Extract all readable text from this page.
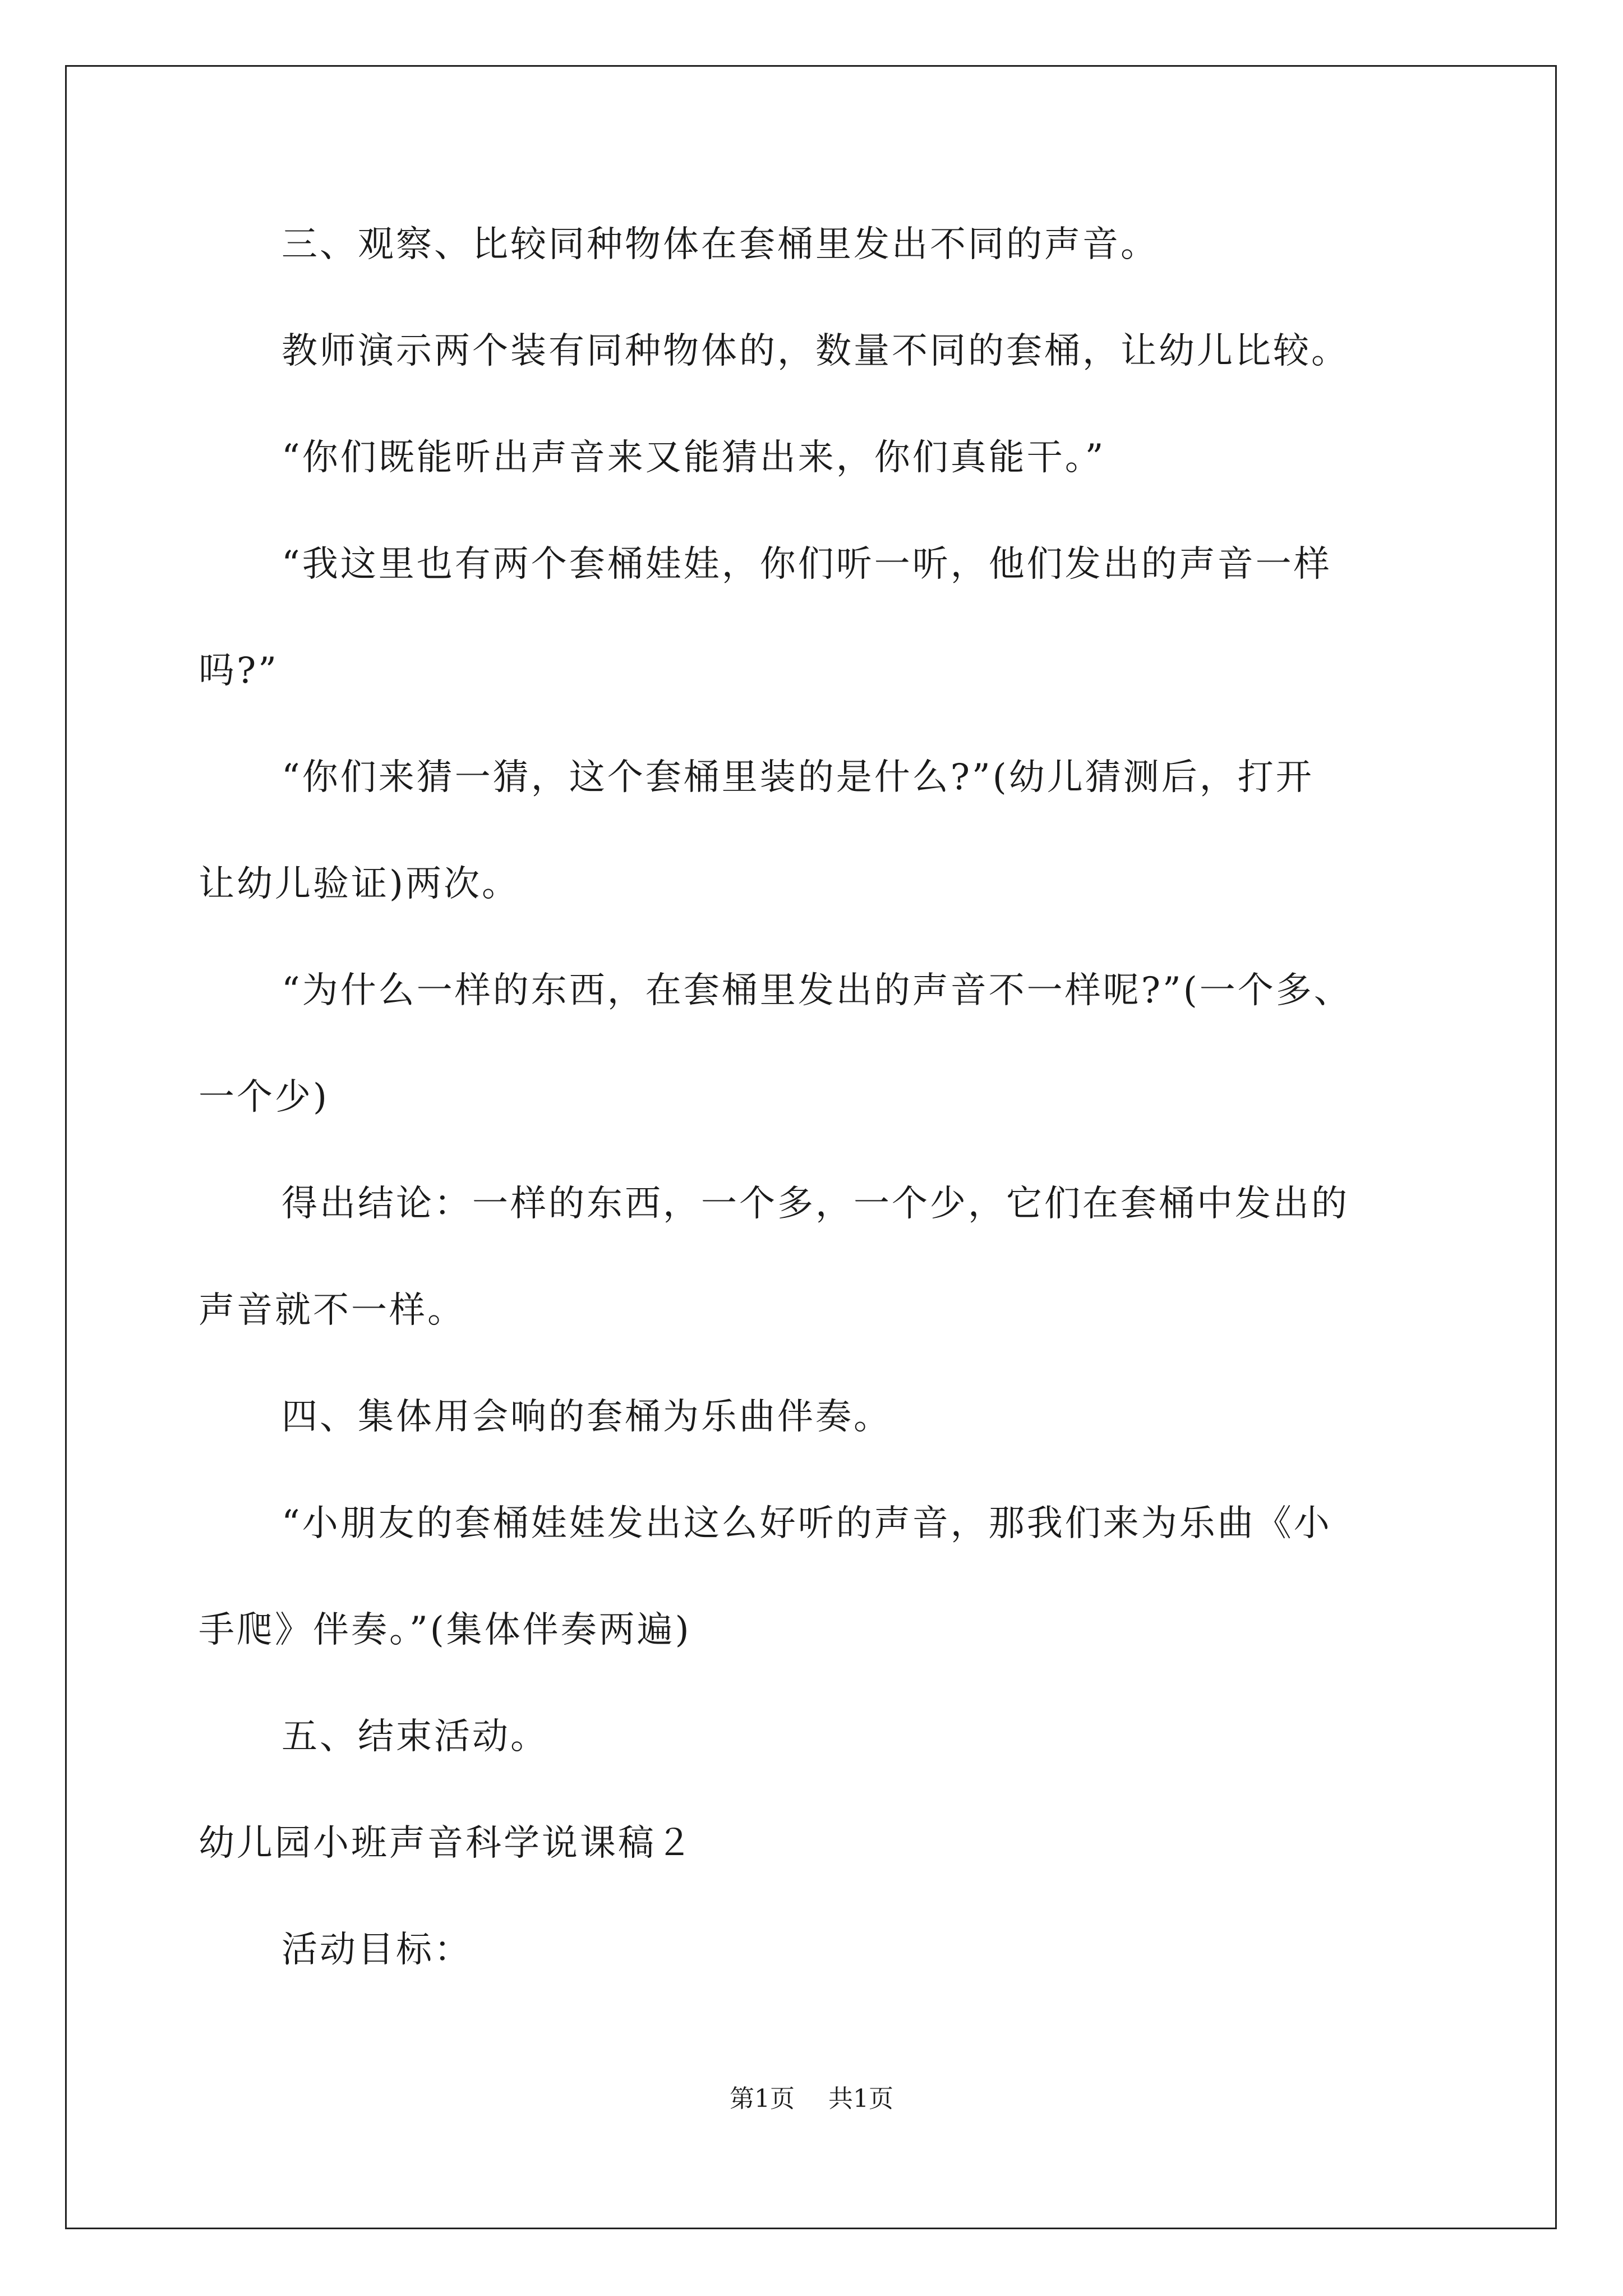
三、观察、比较同种物体在套桶里发出不同的声音。
教师演示两个装有同种物体的，数量不同的套桶，让幼儿比较。
“你们既能听出声音来又能猜出来，你们真能干。”
“我这里也有两个套桶娃娃，你们听一听，他们发出的声音一样
吗?”
“你们来猜一猜，这个套桶里装的是什么?”(幼儿猜测后，打开
让幼儿验证)两次。
“为什么一样的东西，在套桶里发出的声音不一样呢?”(一个多、
一个少)
得出结论：一样的东西，一个多，一个少，它们在套桶中发出的
声音就不一样。
四、集体用会响的套桶为乐曲伴奏。
“小朋友的套桶娃娃发出这么好听的声音，那我们来为乐曲《小
手爬》伴奏。”(集体伴奏两遍)
五、结束活动。
幼儿园小班声音科学说课稿２
活动目标：
第1页 共1页
